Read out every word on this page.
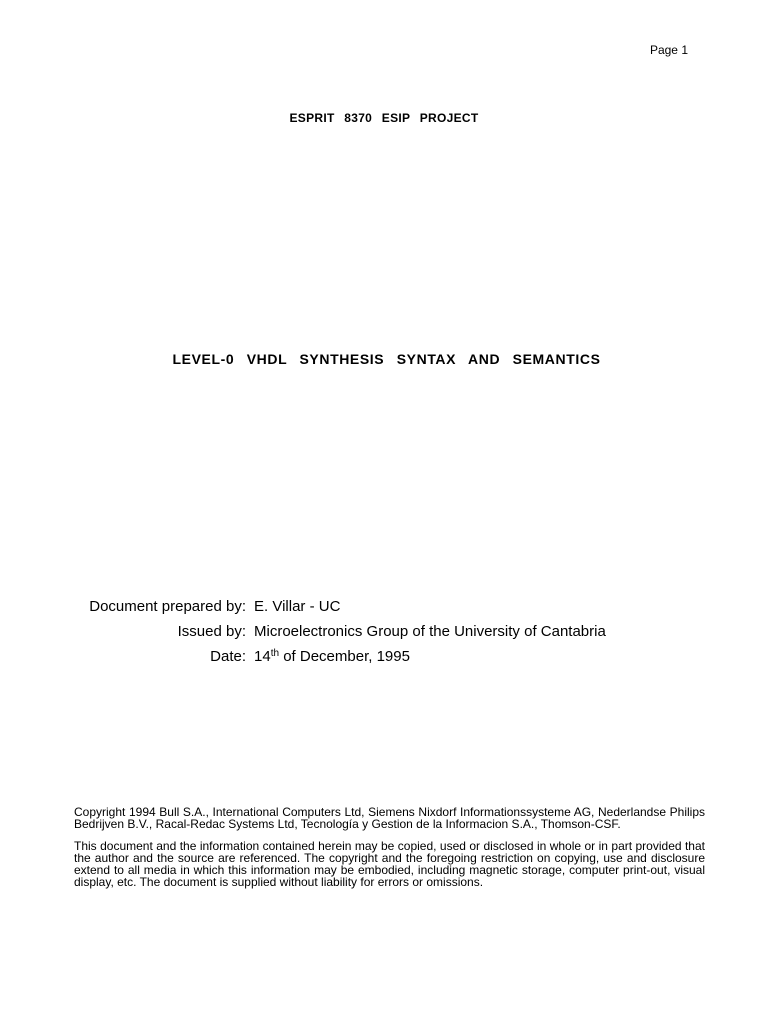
Page 1
ESPRIT 8370 ESIP PROJECT
LEVEL-0 VHDL SYNTHESIS SYNTAX AND SEMANTICS
Document prepared by: E. Villar - UC
Issued by: Microelectronics Group of the University of Cantabria
Date: 14th of December, 1995

Copyright 1994 Bull S.A., International Computers Ltd, Siemens Nixdorf Informationssysteme AG, Nederlandse Philips Bedrijven B.V., Racal-Redac Systems Ltd, Tecnología y Gestion de la Informacion S.A., Thomson-CSF.

This document and the information contained herein may be copied, used or disclosed in whole or in part provided that the author and the source are referenced. The copyright and the foregoing restriction on copying, use and disclosure extend to all media in which this information may be embodied, including magnetic storage, computer print-out, visual display, etc. The document is supplied without liability for errors or omissions.
